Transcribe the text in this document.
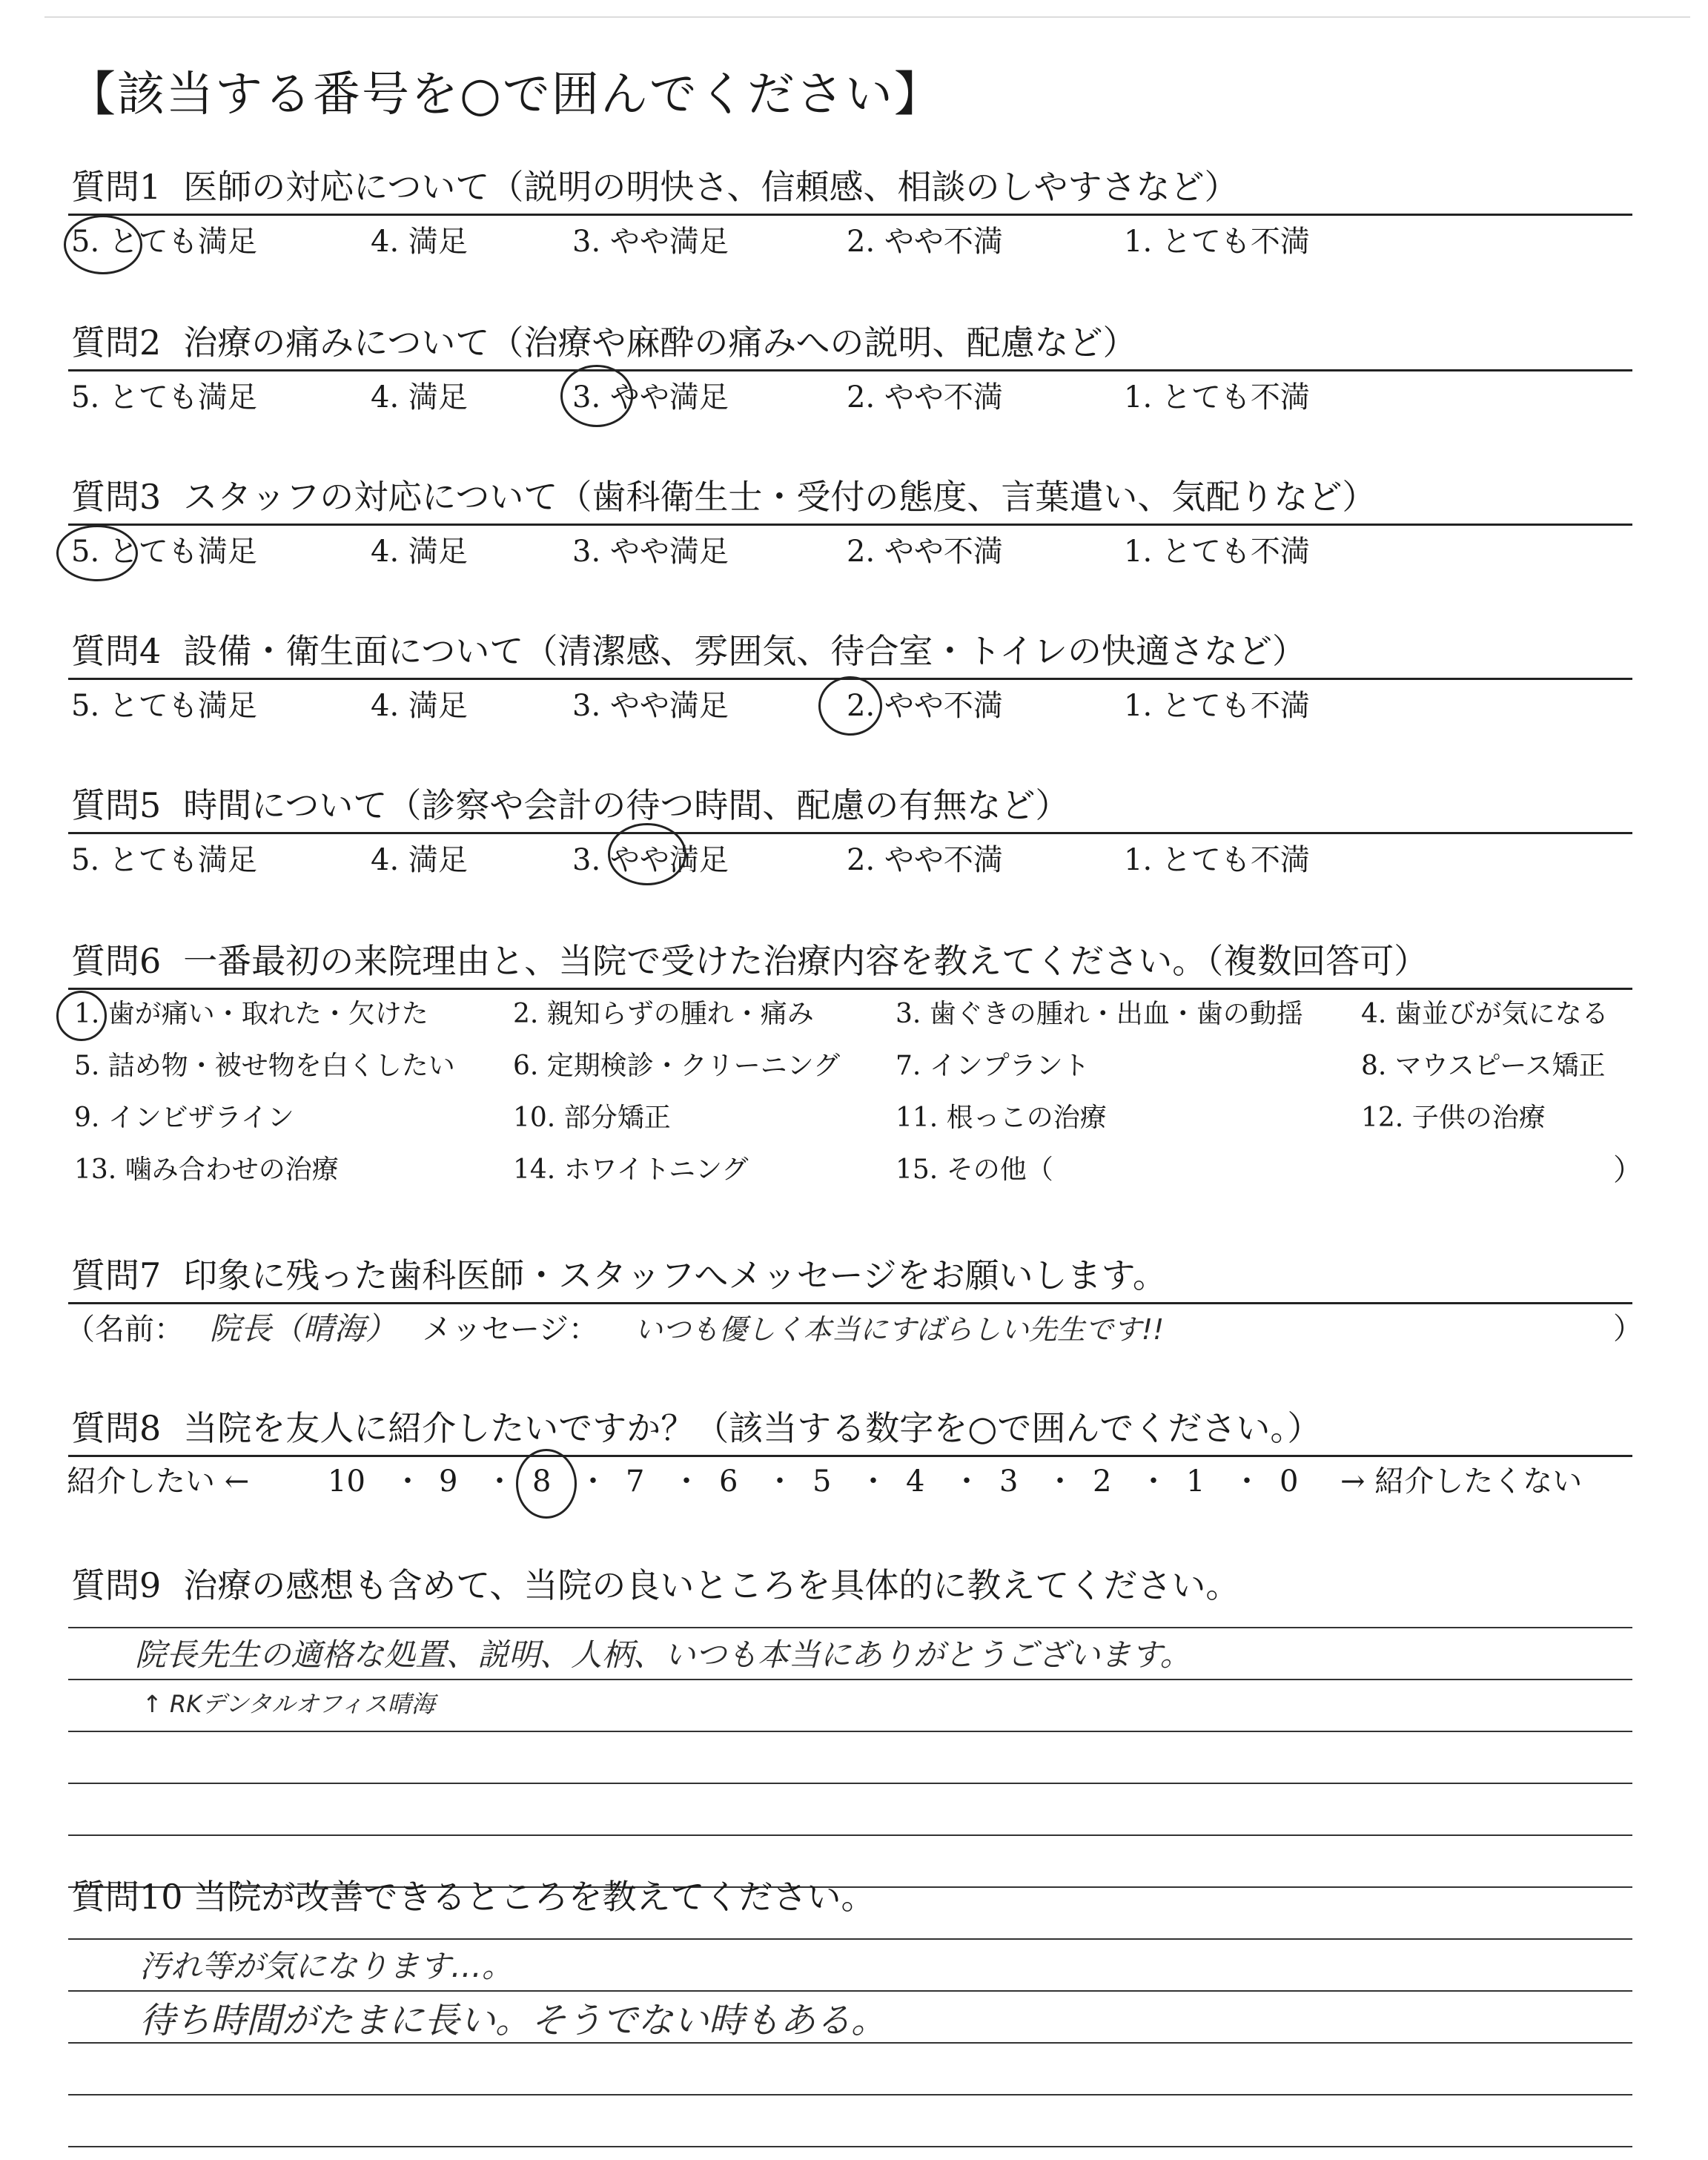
【該当する番号を○で囲んでください】
質問1 医師の対応について（説明の明快さ、信頼感、相談のしやすさなど）
5. とても満足	4. 満足	3. やや満足	2. やや不満	1. とても不満
質問2 治療の痛みについて（治療や麻酔の痛みへの説明、配慮など）
5. とても満足	4. 満足	3. やや満足	2. やや不満	1. とても不満
質問3 スタッフの対応について（歯科衛生士・受付の態度、言葉遣い、気配りなど）
5. とても満足	4. 満足	3. やや満足	2. やや不満	1. とても不満
質問4 設備・衛生面について（清潔感、雰囲気、待合室・トイレの快適さなど）
5. とても満足	4. 満足	3. やや満足	2. やや不満	1. とても不満
質問5 時間について（診察や会計の待つ時間、配慮の有無など）
5. とても満足	4. 満足	3. やや満足	2. やや不満	1. とても不満
質問6 一番最初の来院理由と、当院で受けた治療内容を教えてください。（複数回答可）
1. 歯が痛い・取れた・欠けた	2. 親知らずの腫れ・痛み	3. 歯ぐきの腫れ・出血・歯の動揺 4. 歯並びが気になる
5. 詰め物・被せ物を白くしたい 6. 定期検診・クリーニング 7. インプラント	8. マウスピース矯正
9. インビザライン	10. 部分矯正	11. 根っこの治療	12. 子供の治療
13. 噛み合わせの治療	14. ホワイトニング	15. その他（	）
質問7 印象に残った歯科医師・スタッフへメッセージをお願いします。
（名前： 院長（晴海） メッセージ： いつも優しく本当にすばらしい先生です!!	）
質問8 当院を友人に紹介したいですか？（該当する数字を○で囲んでください。）
紹介したい ←	10 ・ 9 ・ 8 ・ 7 ・ 6 ・ 5 ・ 4 ・ 3 ・ 2 ・ 1 ・ 0 → 紹介したくない
質問9 治療の感想も含めて、当院の良いところを具体的に教えてください。
院長先生の適格な処置、説明、人柄、いつも本当にありがとうございます。
↑ RKデンタルオフィス晴海
質問10 当院が改善できるところを教えてください。
汚れ等が気になります…。
待ち時間がたまに長い。そうでない時もある。
